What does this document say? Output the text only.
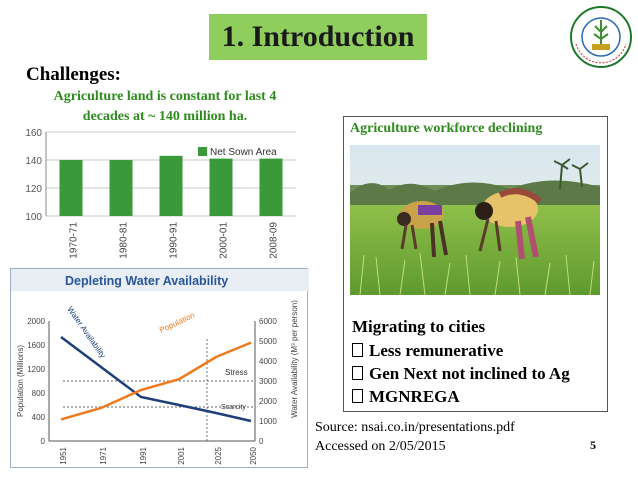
1. Introduction
Challenges:
Agriculture land is constant for last 4
decades at ~ 140 million ha.
100
120
140
160
1970-71	1980-81	1990-91	2000-01	2008-09
Net Sown Area
Depleting Water Availability
0
400
800
1200
1600
2000
0
1000
2000
3000
4000
5000
6000
1951	1971	1991	2001	2025	2050
Population (Millions)	Water Availability (M³ per person)
Stress
Scarcity
Water Availability	Population
Agriculture workforce declining
Migrating to cities
Less remunerative
Gen Next not inclined to Ag
MGNREGA
Source: nsai.co.in/presentations.pdf
Accessed on 2/05/2015	5
